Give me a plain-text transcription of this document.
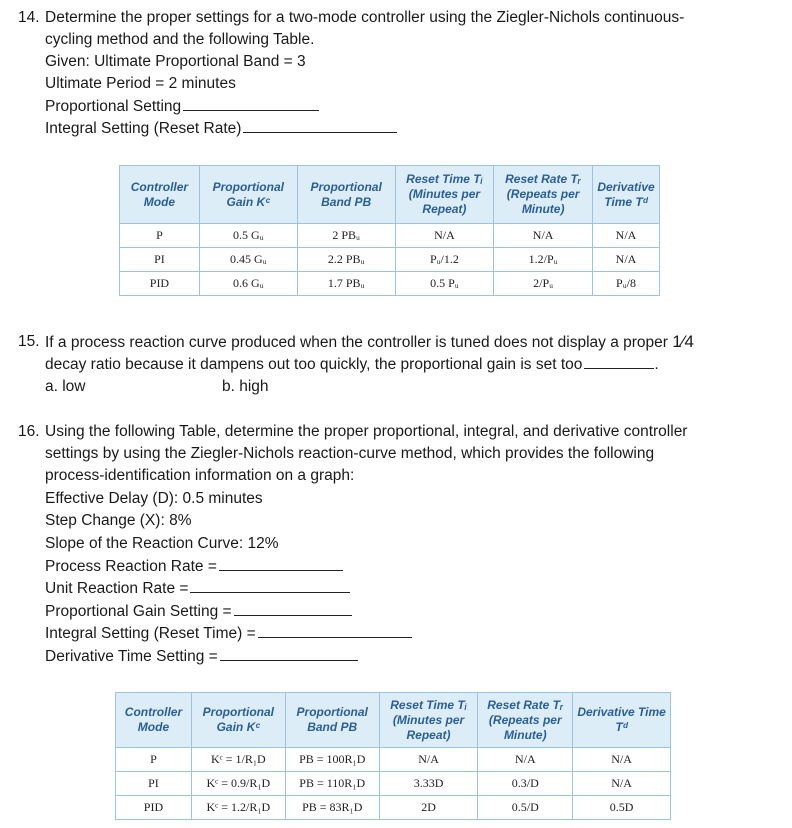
14. Determine the proper settings for a two-mode controller using the Ziegler-Nichols continuous-
cycling method and the following Table.
Given: Ultimate Proportional Band = 3
Ultimate Period = 2 minutes
Proportional Setting
Integral Setting (Reset Rate)
Controller Mode	Proportional Gain Kᶜ	Proportional Band PB	Reset Time Tᵢ (Minutes per Repeat)	Reset Rate Tᵣ (Repeats per Minute)	Derivative Time Tᵈ
P	0.5 Gᵤ	2 PBᵤ	N/A	N/A	N/A
PI	0.45 Gᵤ	2.2 PBᵤ	Pᵤ/1.2	1.2/Pᵤ	N/A
PID	0.6 Gᵤ	1.7 PBᵤ	0.5 Pᵤ	2/Pᵤ	Pᵤ/8
15. If a process reaction curve produced when the controller is tuned does not display a proper 1⁄4
decay ratio because it dampens out too quickly, the proportional gain is set too	.
a. low	b. high
16. Using the following Table, determine the proper proportional, integral, and derivative controller
settings by using the Ziegler-Nichols reaction-curve method, which provides the following
process-identification information on a graph:
Effective Delay (D): 0.5 minutes
Step Change (X): 8%
Slope of the Reaction Curve: 12%
Process Reaction Rate =
Unit Reaction Rate =
Proportional Gain Setting =
Integral Setting (Reset Time) =
Derivative Time Setting =
Controller Mode	Proportional Gain Kᶜ	Proportional Band PB	Reset Time Tᵢ (Minutes per Repeat)	Reset Rate Tᵣ (Repeats per Minute)	Derivative Time Tᵈ
P	Kᶜ = 1/R₁D	PB = 100R₁D	N/A	N/A	N/A
PI	Kᶜ = 0.9/R₁D	PB = 110R₁D	3.33D	0.3/D	N/A
PID	Kᶜ = 1.2/R₁D	PB = 83R₁D	2D	0.5/D	0.5D
